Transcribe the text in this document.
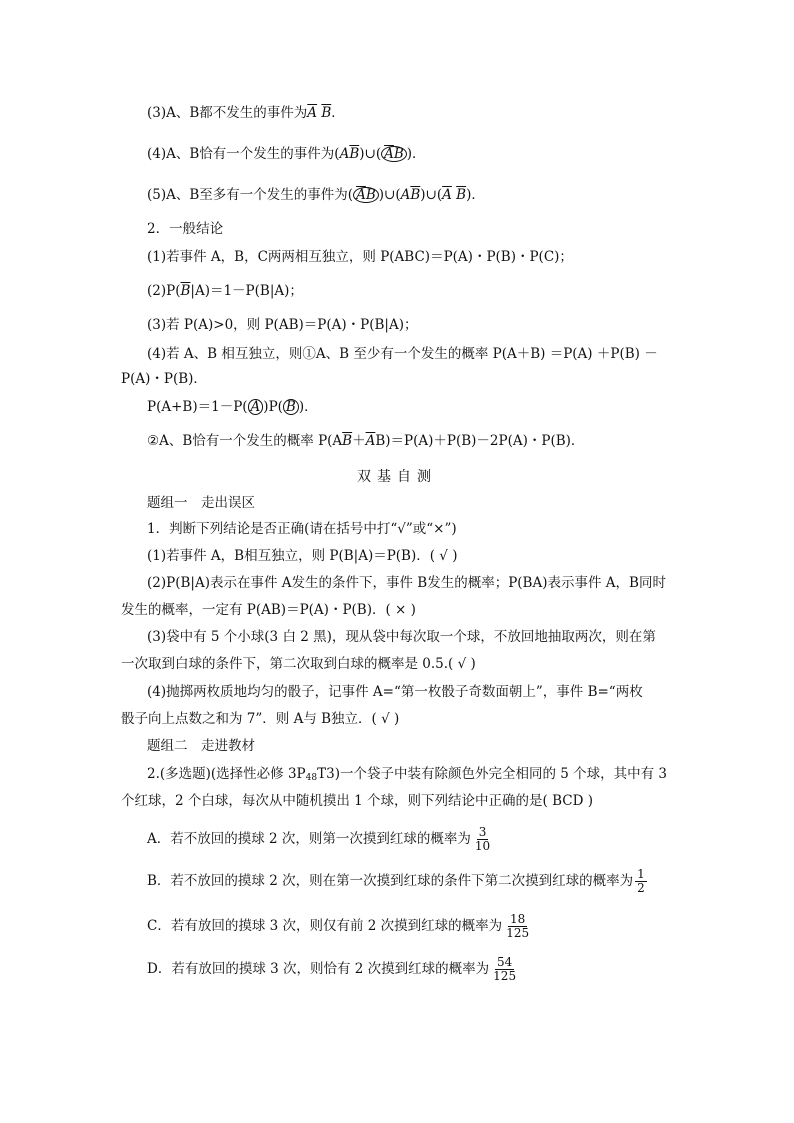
(3)A、B都不发生的事件为$\overline{A}$ $\overline{B}$．
(4)A、B恰有一个发生的事件为$(A\overline{B})\cup$( $\overline{A}B$ )．
(5)A、B至多有一个发生的事件为( $\overline{A}B$ )$\cup(A\overline{B})\cup(\overline{A}$ $\overline{B}$)．
2．一般结论
(1)若事件 A，B，C两两相互独立，则 P(ABC)＝P(A)・P(B)・P(C)；
$(2)P(\overline{B}|A)=1-P(B|A)$；
(3)若 P(A)>0，则 P(AB)＝P(A)・P(B|A)；
(4)若 A、B 相互独立，则①A、B 至少有一个发生的概率 P(A＋B) ＝P(A) ＋P(B) －
P(A)・P(B)．
P(A+B)＝1－P( A )P( B )．
②A、B恰有一个发生的概率 $P(A\overline{B}+\overline{A}B)=P(A)+P(B)-2P(A)$・P(B)．
双基自测
题组一　走出误区
1．判断下列结论是否正确(请在括号中打“√”或“×”)
(1)若事件 A，B相互独立，则 P(B|A)＝P(B)．( √ )
(2)P(B|A)表示在事件 A发生的条件下，事件 B发生的概率；P(BA)表示事件 A，B同时
发生的概率，一定有 P(AB)＝P(A)・P(B)．( × )
(3)袋中有 5 个小球(3 白 2 黑)，现从袋中每次取一个球，不放回地抽取两次，则在第
一次取到白球的条件下，第二次取到白球的概率是 0.5.( √ )
(4)抛掷两枚质地均匀的骰子，记事件 A=“第一枚骰子奇数面朝上”，事件 B=“两枚
骰子向上点数之和为 7”．则 A与 B独立．( √ )
题组二　走进教材
2.(多选题)(选择性必修 $3P_{48}T3$)一个袋子中装有除颜色外完全相同的 5 个球，其中有 3
个红球，2 个白球，每次从中随机摸出 1 个球，则下列结论中正确的是( BCD )
A．若不放回的摸球 2 次，则第一次摸到红球的概率为 $\frac{3}{10}$
B．若不放回的摸球 2 次，则在第一次摸到红球的条件下第二次摸到红球的概率为 $\frac{1}{2}$
C．若有放回的摸球 3 次，则仅有前 2 次摸到红球的概率为 $\frac{18}{125}$
D．若有放回的摸球 3 次，则恰有 2 次摸到红球的概率为 $\frac{54}{125}$
